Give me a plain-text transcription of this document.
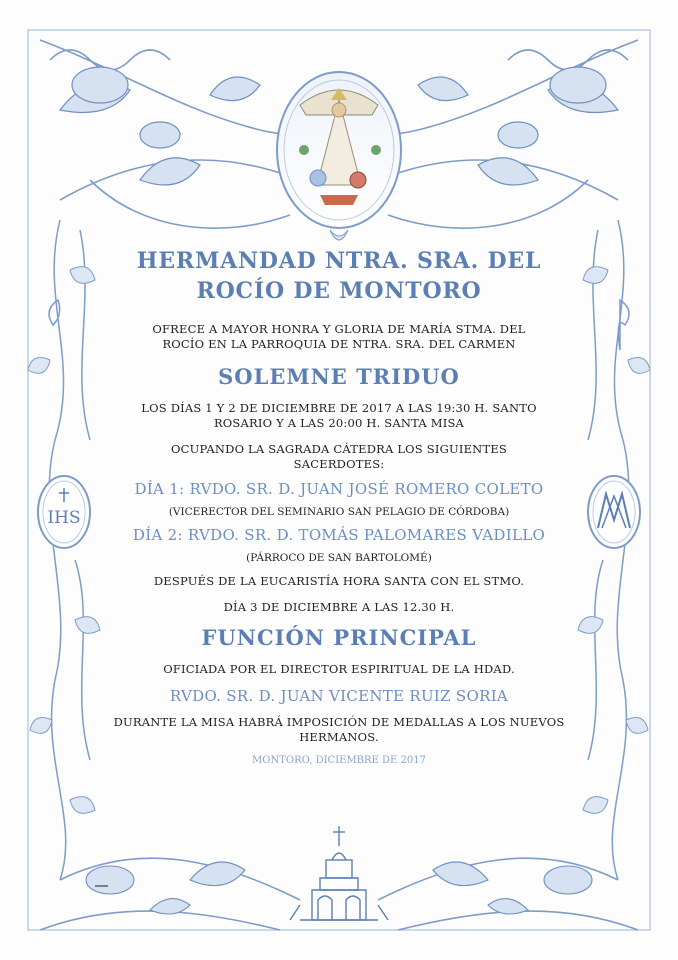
IHS

HERMANDAD NTRA. SRA. DEL

ROCÍO DE MONTORO

OFRECE A MAYOR HONRA Y GLORIA DE MARÍA STMA. DEL

ROCÍO EN LA PARROQUIA DE NTRA. SRA. DEL CARMEN

SOLEMNE TRIDUO

LOS DÍAS 1 Y 2 DE DICIEMBRE DE 2017 A LAS 19:30 H. SANTO

ROSARIO Y A LAS 20:00 H. SANTA MISA

OCUPANDO LA SAGRADA CÁTEDRA LOS SIGUIENTES

SACERDOTES:

DÍA 1: RVDO. SR. D. JUAN JOSÉ ROMERO COLETO

(VICERECTOR DEL SEMINARIO SAN PELAGIO DE CÓRDOBA)

DÍA 2: RVDO. SR. D. TOMÁS PALOMARES VADILLO

(PÁRROCO DE SAN BARTOLOMÉ)

DESPUÉS DE LA EUCARISTÍA HORA SANTA CON EL STMO.

DÍA 3 DE DICIEMBRE A LAS 12.30 H.

FUNCIÓN PRINCIPAL

OFICIADA POR EL DIRECTOR ESPIRITUAL DE LA HDAD.

RVDO. SR. D. JUAN VICENTE RUIZ SORIA

DURANTE LA MISA HABRÁ IMPOSICIÓN DE MEDALLAS A LOS NUEVOS

HERMANOS.

MONTORO, DICIEMBRE DE 2017
